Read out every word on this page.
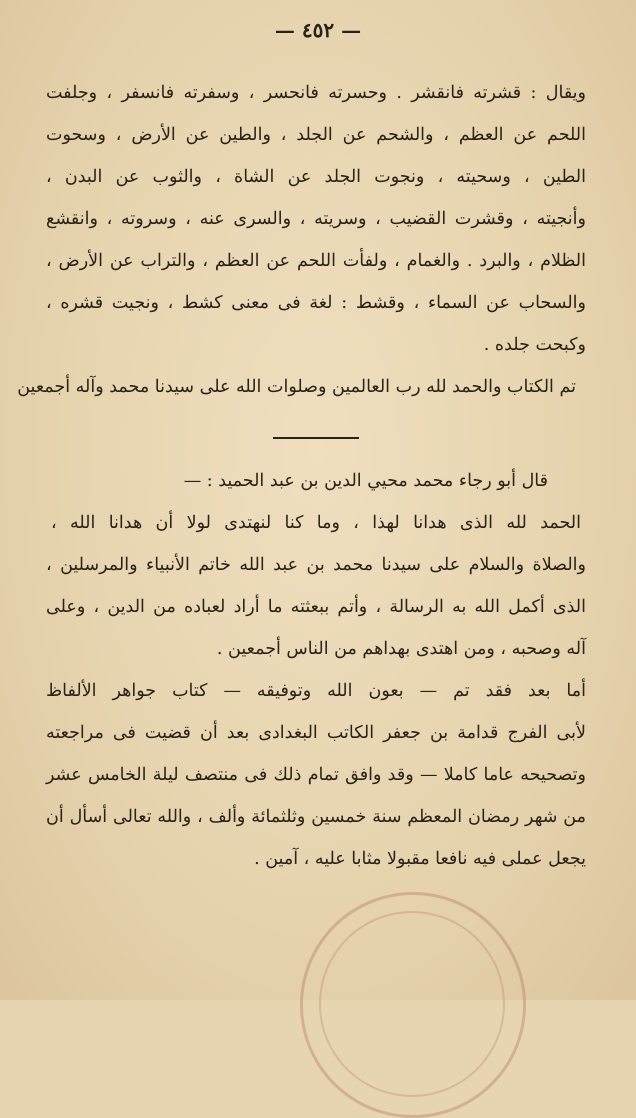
— ٤٥٢ —
ويقال : قشرته فانقشر . وحسرته فانحسر ، وسفرته فانسفر ، وجلفت
اللحم عن العظم ، والشحم عن الجلد ، والطين عن الأرض ، وسحوت
الطين ، وسحيته ، ونجوت الجلد عن الشاة ، والثوب عن البدن ،
وأنجيته ، وقشرت القضيب ، وسريته ، والسرى عنه ، وسروته ، وانقشع
الظلام ، والبرد . والغمام ، ولفأت اللحم عن العظم ، والتراب عن الأرض ،
والسحاب عن السماء ، وقشط : لغة فى معنى كشط ، ونجيت قشره ،
وكبحت جلده .
تم الكتاب والحمد لله رب العالمين وصلوات الله على سيدنا محمد وآله أجمعين
قال أبو رجاء محمد محيي الدين بن عبد الحميد : —
الحمد لله الذى هدانا لهذا ، وما كنا لنهتدى لولا أن هدانا الله ،
والصلاة والسلام على سيدنا محمد بن عبد الله خاتم الأنبياء والمرسلين ،
الذى أكمل الله به الرسالة ، وأتم ببعثته ما أراد لعباده من الدين ، وعلى
آله وصحبه ، ومن اهتدى بهداهم من الناس أجمعين .
أما بعد فقد تم — بعون الله وتوفيقه — كتاب جواهر الألفاظ
لأبى الفرج قدامة بن جعفر الكاتب البغدادى بعد أن قضيت فى مراجعته
وتصحيحه عاما كاملا — وقد وافق تمام ذلك فى منتصف ليلة الخامس عشر
من شهر رمضان المعظم سنة خمسين وثلثمائة وألف ، والله تعالى أسأل أن
يجعل عملى فيه نافعا مقبولا مثابا عليه ، آمين .
